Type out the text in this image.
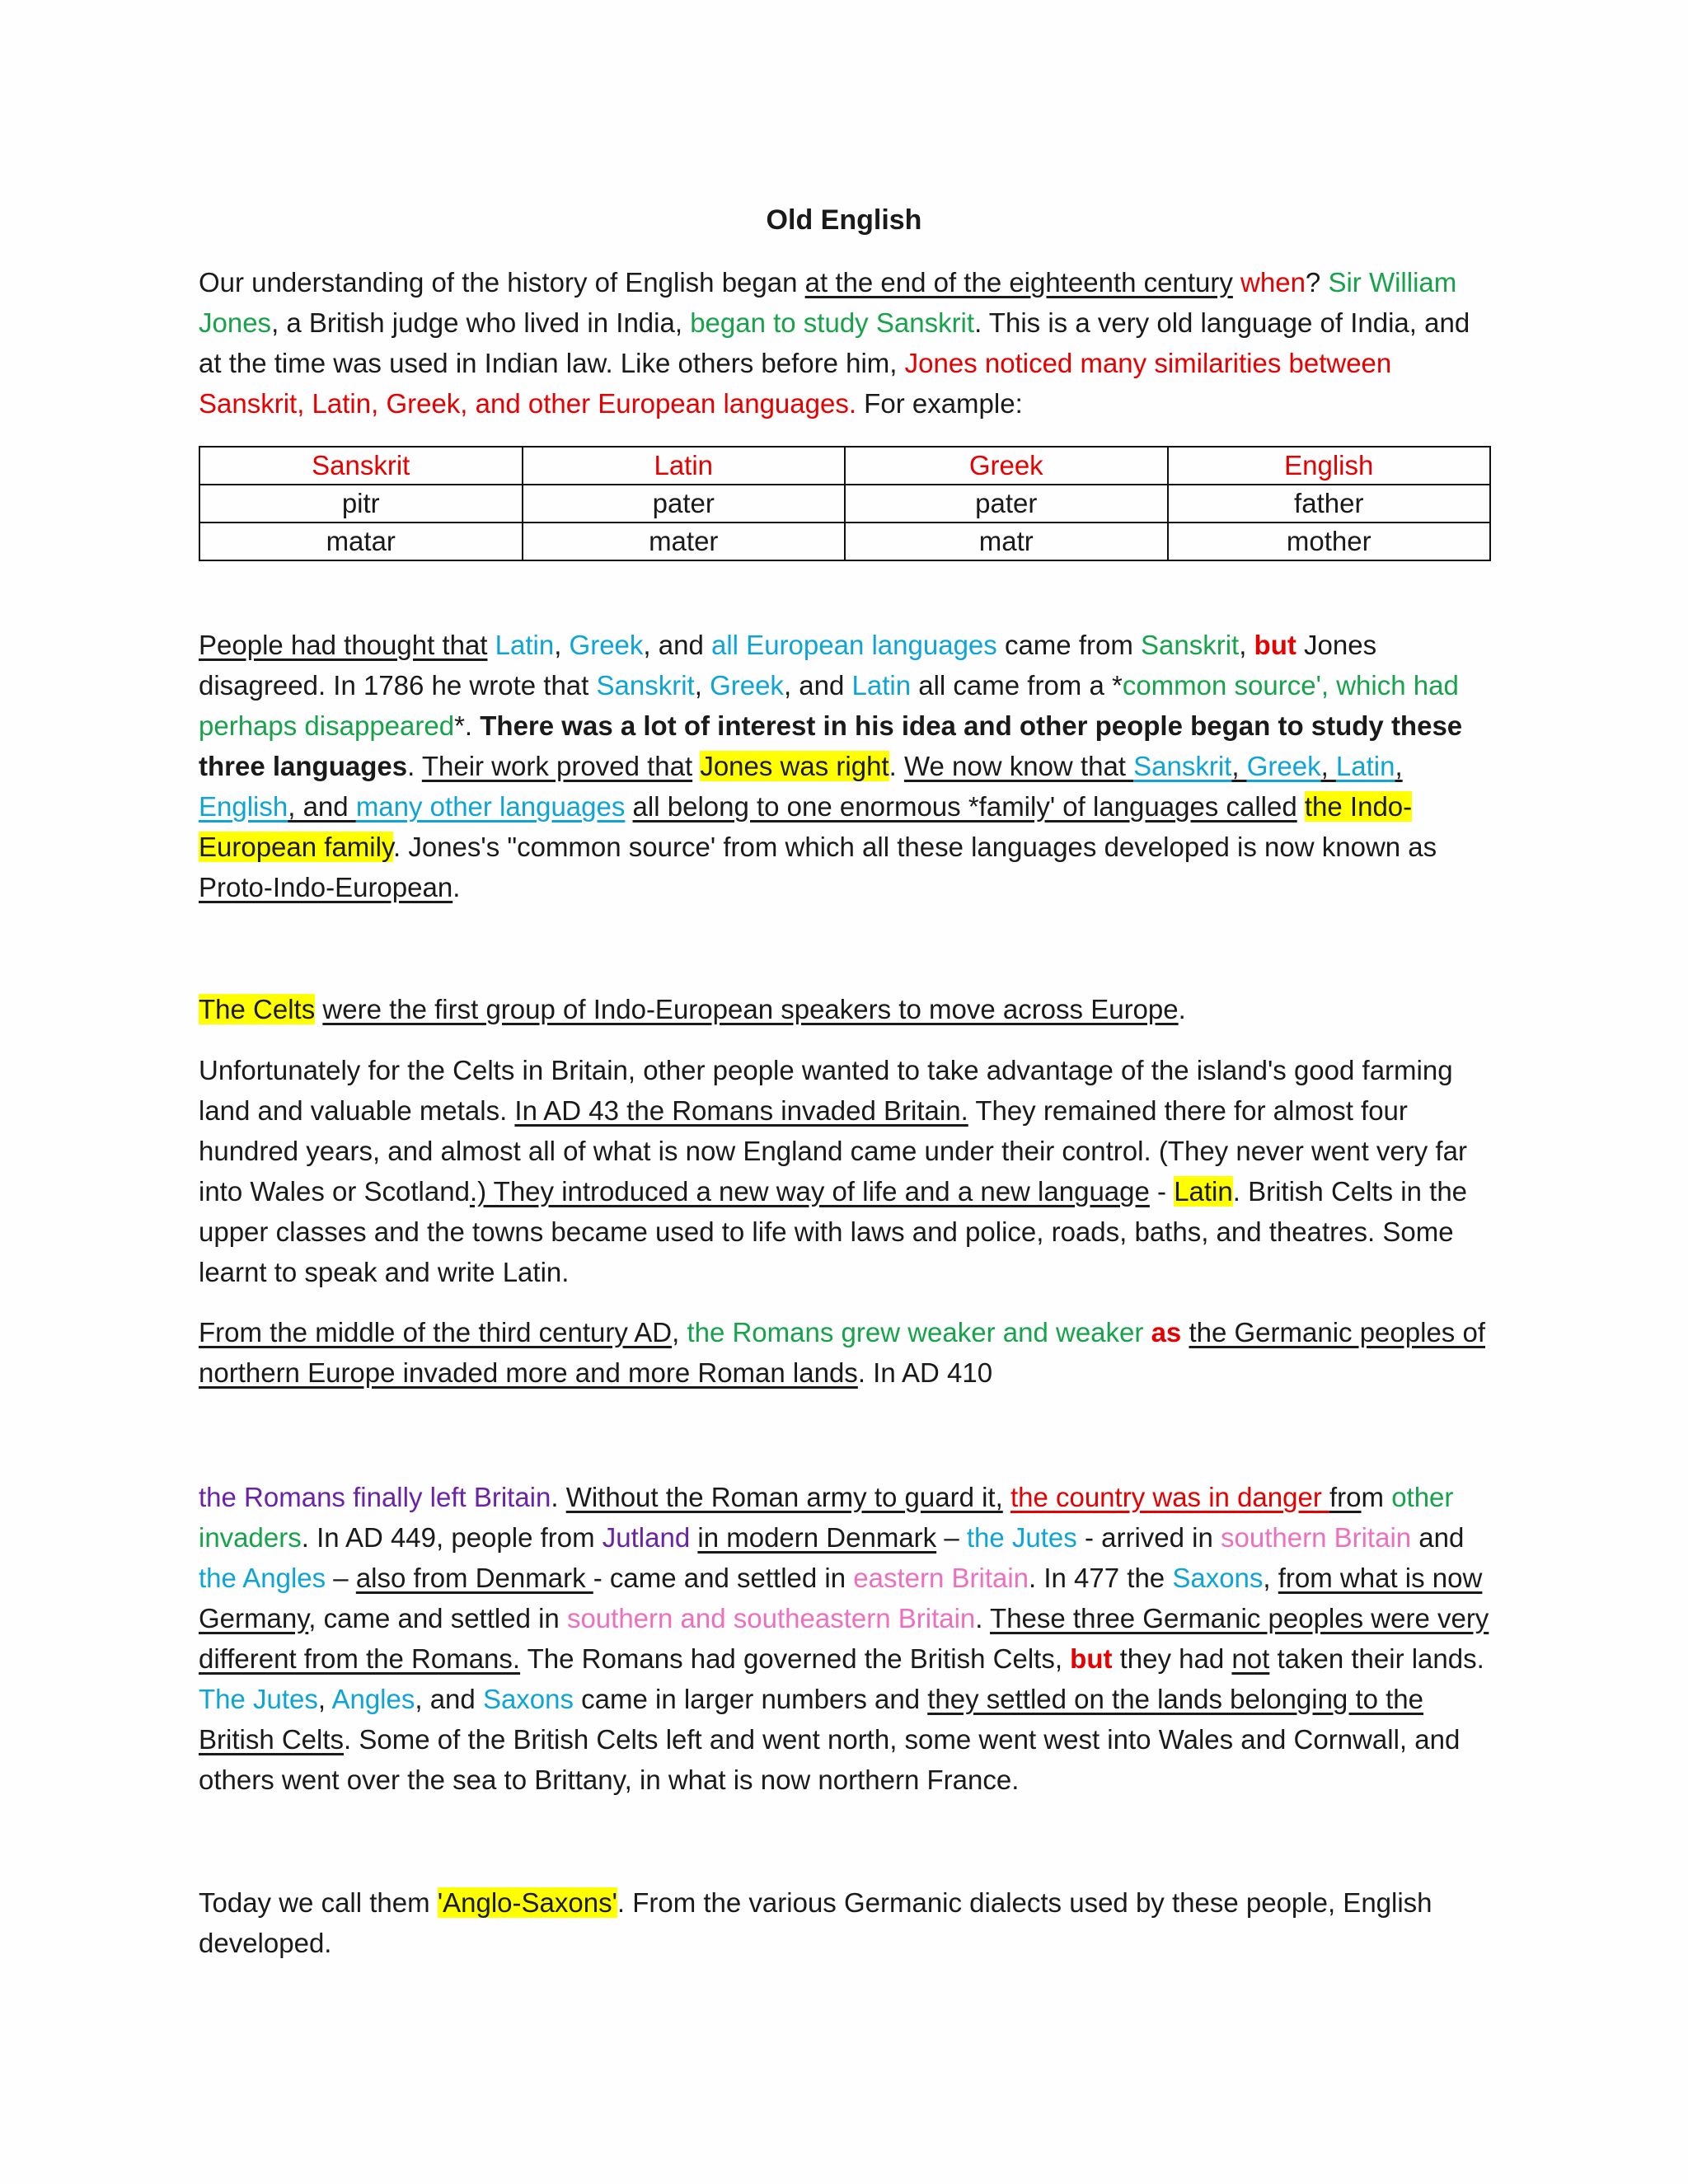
Old English
Our understanding of the history of English began at the end of the eighteenth century when? Sir William Jones, a British judge who lived in India, began to study Sanskrit. This is a very old language of India, and at the time was used in Indian law. Like others before him, Jones noticed many similarities between Sanskrit, Latin, Greek, and other European languages. For example:
Sanskrit	Latin	Greek	English
pitr	pater	pater	father
matar	mater	matr	mother
People had thought that Latin, Greek, and all European languages came from Sanskrit, but Jones disagreed. In 1786 he wrote that Sanskrit, Greek, and Latin all came from a *common source', which had perhaps disappeared*. There was a lot of interest in his idea and other people began to study these three languages. Their work proved that Jones was right. We now know that Sanskrit, Greek, Latin, English, and many other languages all belong to one enormous *family' of languages called the Indo-European family. Jones's "common source' from which all these languages developed is now known as Proto-Indo-European.
The Celts were the first group of Indo-European speakers to move across Europe.
Unfortunately for the Celts in Britain, other people wanted to take advantage of the island's good farming land and valuable metals. In AD 43 the Romans invaded Britain. They remained there for almost four hundred years, and almost all of what is now England came under their control. (They never went very far into Wales or Scotland.) They introduced a new way of life and a new language - Latin. British Celts in the upper classes and the towns became used to life with laws and police, roads, baths, and theatres. Some learnt to speak and write Latin.
From the middle of the third century AD, the Romans grew weaker and weaker as the Germanic peoples of northern Europe invaded more and more Roman lands. In AD 410
the Romans finally left Britain. Without the Roman army to guard it, the country was in danger from other invaders. In AD 449, people from Jutland in modern Denmark – the Jutes - arrived in southern Britain and the Angles – also from Denmark - came and settled in eastern Britain. In 477 the Saxons, from what is now Germany, came and settled in southern and southeastern Britain. These three Germanic peoples were very different from the Romans. The Romans had governed the British Celts, but they had not taken their lands. The Jutes, Angles, and Saxons came in larger numbers and they settled on the lands belonging to the British Celts. Some of the British Celts left and went north, some went west into Wales and Cornwall, and others went over the sea to Brittany, in what is now northern France.
Today we call them 'Anglo-Saxons'. From the various Germanic dialects used by these people, English developed.
